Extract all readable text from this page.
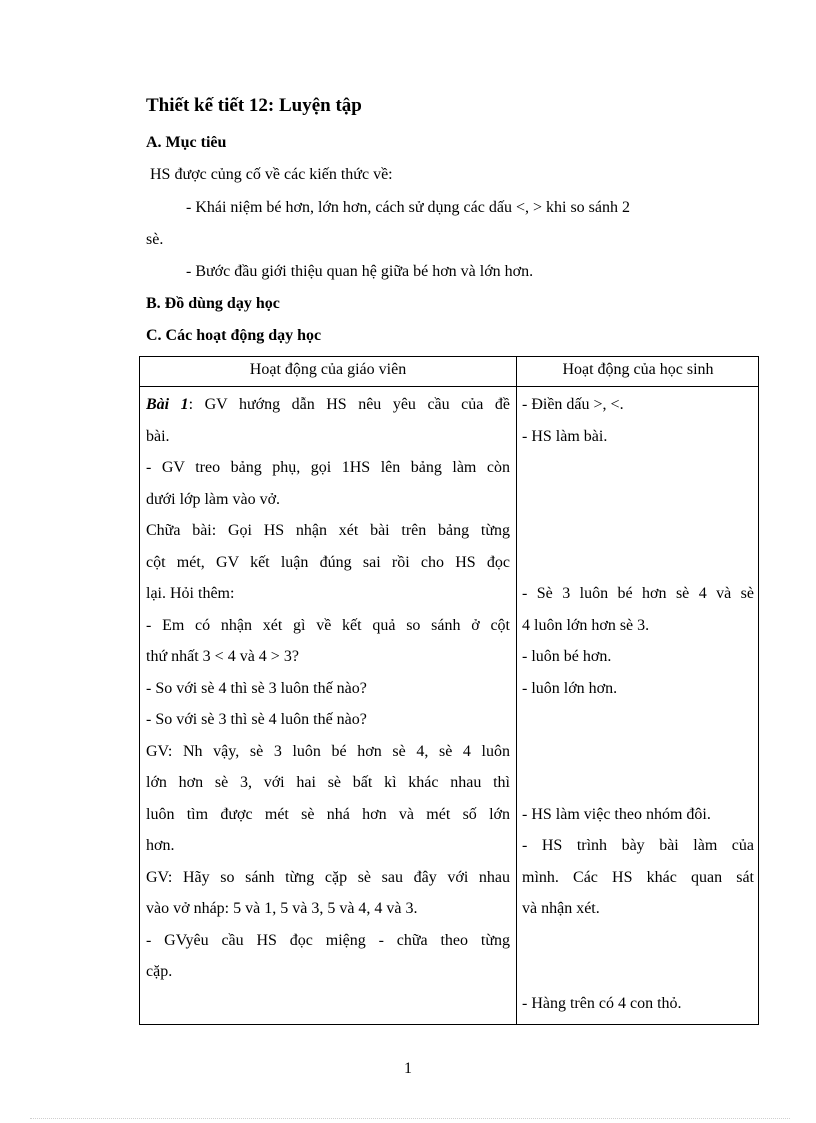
Thiết kế tiết 12: Luyện tập
A. Mục tiêu
HS được củng cố về các kiến thức về:
- Khái niệm bé hơn, lớn hơn, cách sử dụng các dấu <, > khi so sánh 2
sè.
- Bước đầu giới thiệu quan hệ giữa bé hơn và lớn hơn.
B. Đồ dùng dạy học
C. Các hoạt động dạy học
Hoạt động của giáo viên	Hoạt động của học sinh
Bài 1: GV hướng dẫn HS nêu yêu cầu của đề
bài.
- GV treo bảng phụ, gọi 1HS lên bảng làm còn
dưới lớp làm vào vở.
Chữa bài: Gọi HS nhận xét bài trên bảng từng
cột mét, GV kết luận đúng sai rồi cho HS đọc
lại. Hỏi thêm:
- Em có nhận xét gì về kết quả so sánh ở cột
thứ nhất 3 < 4 và 4 > 3?
- So với sè 4 thì sè 3 luôn thế nào?
- So với sè 3 thì sè 4 luôn thế nào?
GV: Nh vậy, sè 3 luôn bé hơn sè 4, sè 4 luôn
lớn hơn sè 3, với hai sè bất kì khác nhau thì
luôn tìm được mét sè nhá hơn và mét số lớn
hơn.
GV: Hãy so sánh từng cặp sè sau đây với nhau
vào vở nháp: 5 và 1, 5 và 3, 5 và 4, 4 và 3.
- GVyêu cầu HS đọc miệng - chữa theo từng
cặp.
- Điền dấu >, <.
- HS làm bài.
- Sè 3 luôn bé hơn sè 4 và sè
4 luôn lớn hơn sè 3.
- luôn bé hơn.
- luôn lớn hơn.
- HS làm việc theo nhóm đôi.
- HS trình bày bài làm của
mình. Các HS khác quan sát
và nhận xét.
- Hàng trên có 4 con thỏ.
1
